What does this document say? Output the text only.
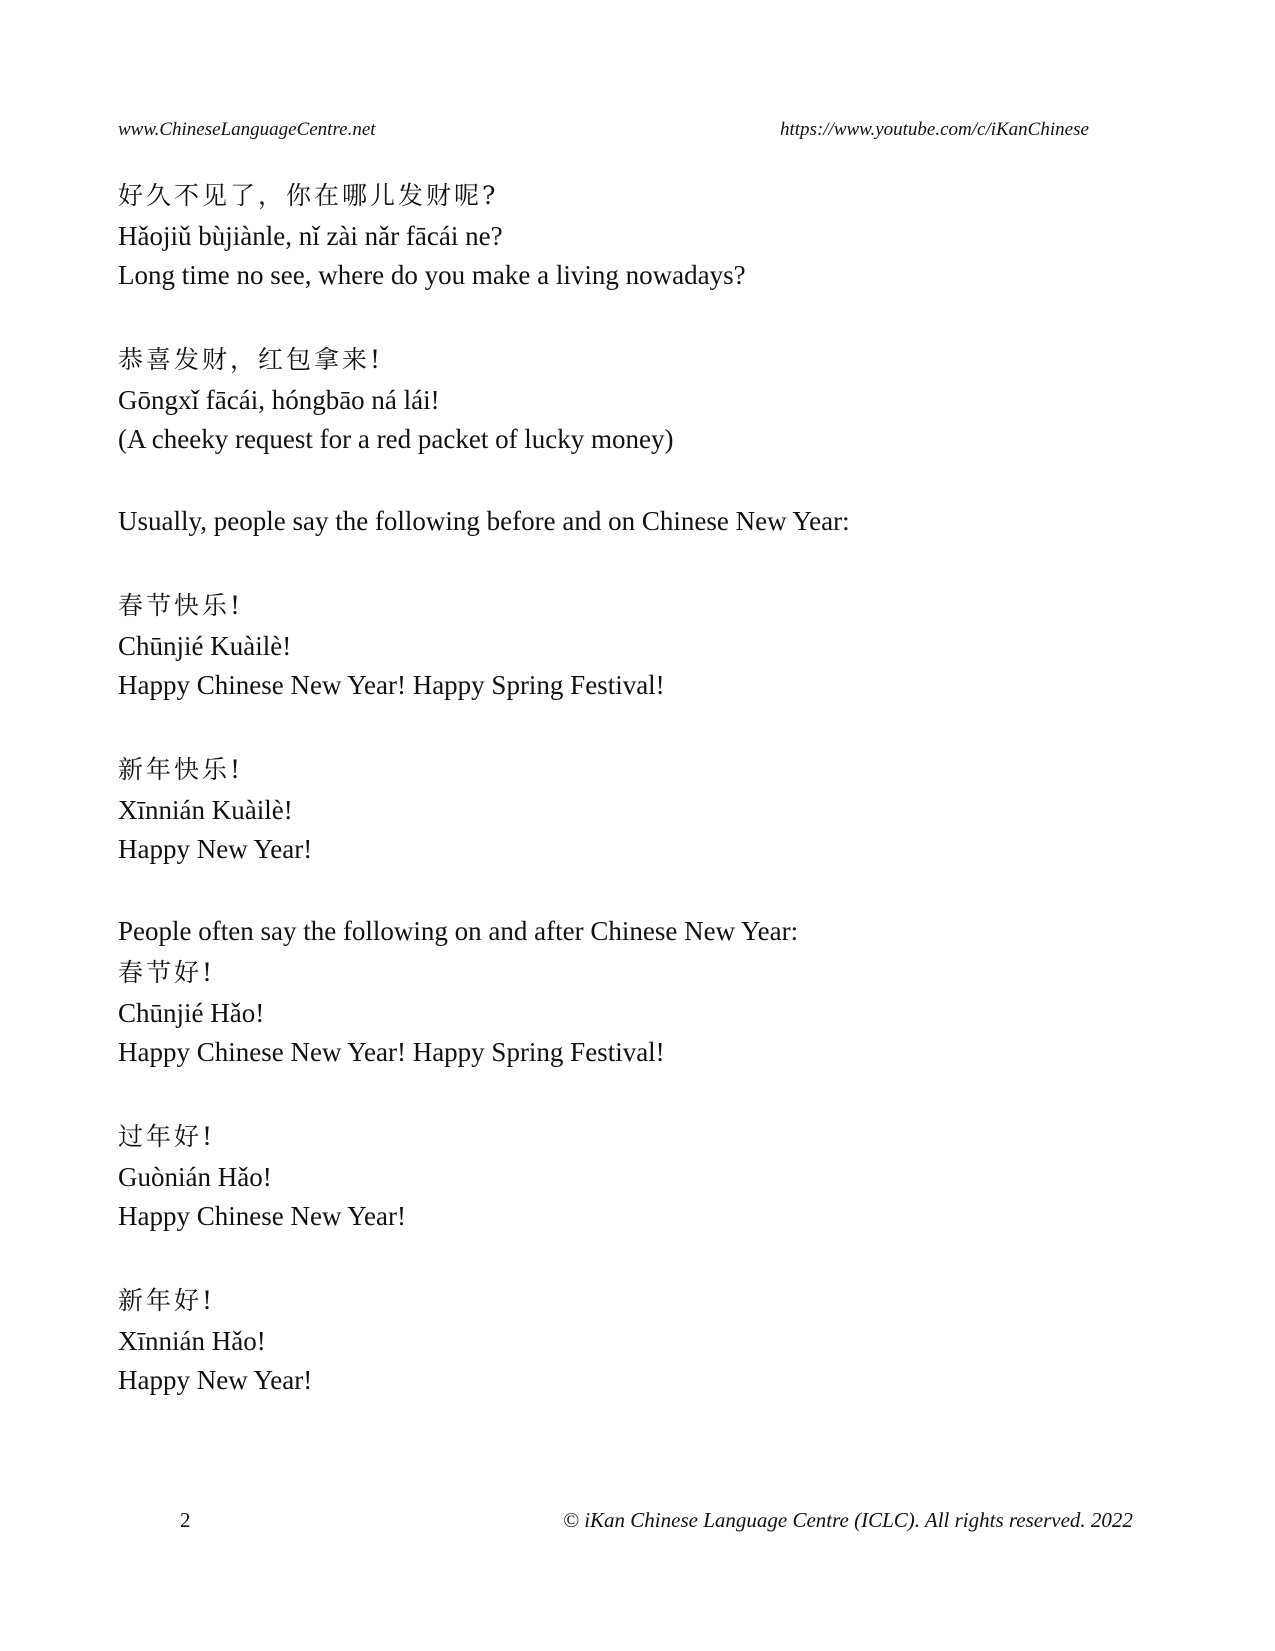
www.ChineseLanguageCentre.net	https://www.youtube.com/c/iKanChinese
好久不见了，你在哪儿发财呢?
Hǎojiǔ bùjiànle, nǐ zài nǎr fācái ne?
Long time no see, where do you make a living nowadays?
恭喜发财，红包拿来!
Gōngxǐ fācái, hóngbāo ná lái!
(A cheeky request for a red packet of lucky money)
Usually, people say the following before and on Chinese New Year:
春节快乐!
Chūnjié Kuàilè!
Happy Chinese New Year! Happy Spring Festival!
新年快乐!
Xīnnián Kuàilè!
Happy New Year!
People often say the following on and after Chinese New Year:
春节好!
Chūnjié Hǎo!
Happy Chinese New Year! Happy Spring Festival!
过年好!
Guònián Hǎo!
Happy Chinese New Year!
新年好!
Xīnnián Hǎo!
Happy New Year!
2	© iKan Chinese Language Centre (ICLC). All rights reserved. 2022
